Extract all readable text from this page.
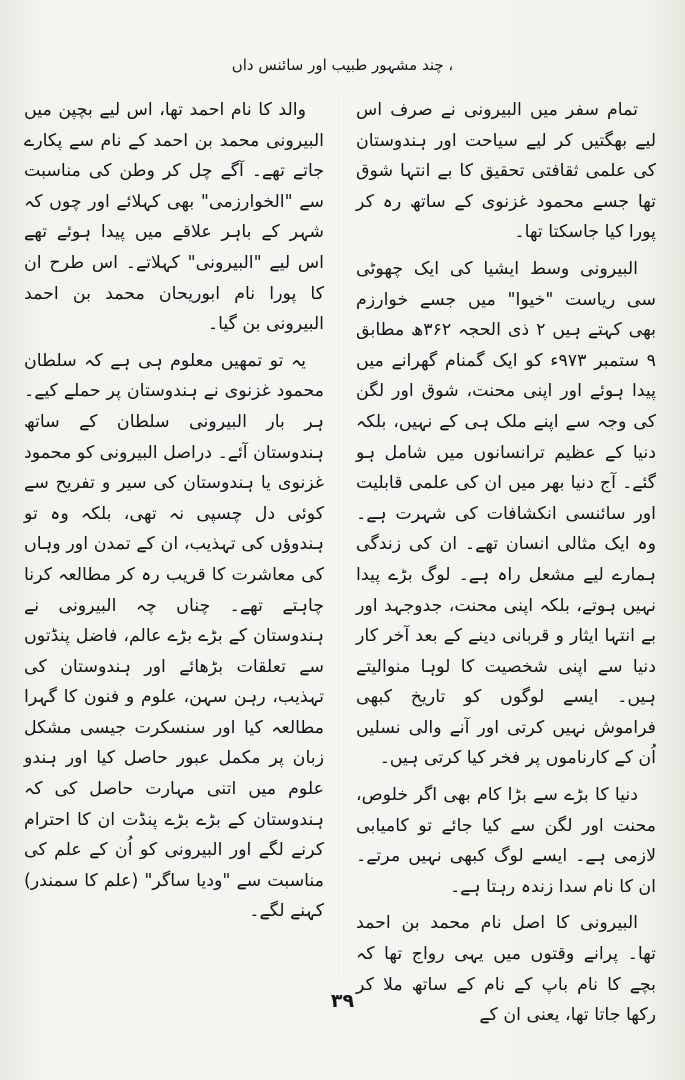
، چند مشہور طبیب اور سائنس داں

تمام سفر میں البیرونی نے صرف اس لیے بھگتیں کر لیے سیاحت اور ہندوستان کی علمی ثقافتی تحقیق کا بے انتہا شوق تھا جسے محمود غزنوی کے ساتھ رہ کر پورا کیا جاسکتا تھا۔

البیرونی وسط ایشیا کی ایک چھوٹی سی ریاست "خیوا" میں جسے خوارزم بھی کہتے ہیں ۲ ذی الحجہ ۳۶۲ھ مطابق ۹ ستمبر ۹۷۳ء کو ایک گمنام گھرانے میں پیدا ہوئے اور اپنی محنت، شوق اور لگن کی وجہ سے اپنے ملک ہی کے نہیں، بلکہ دنیا کے عظیم ترانسانوں میں شامل ہو گئے۔ آج دنیا بھر میں ان کی علمی قابلیت اور سائنسی انکشافات کی شہرت ہے۔ وہ ایک مثالی انسان تھے۔ ان کی زندگی ہمارے لیے مشعل راہ ہے۔ لوگ بڑے پیدا نہیں ہوتے، بلکہ اپنی محنت، جدوجہد اور بے انتہا ایثار و قربانی دینے کے بعد آخر کار دنیا سے اپنی شخصیت کا لوہا منوالیتے ہیں۔ ایسے لوگوں کو تاریخ کبھی فراموش نہیں کرتی اور آنے والی نسلیں اُن کے کارناموں پر فخر کیا کرتی ہیں۔

دنیا کا بڑے سے بڑا کام بھی اگر خلوص، محنت اور لگن سے کیا جائے تو کامیابی لازمی ہے۔ ایسے لوگ کبھی نہیں مرتے۔ ان کا نام سدا زندہ رہتا ہے۔

البیرونی کا اصل نام محمد بن احمد تھا۔ پرانے وقتوں میں یہی رواج تھا کہ بچے کا نام باپ کے نام کے ساتھ ملا کر رکھا جاتا تھا، یعنی ان کے

والد کا نام احمد تھا، اس لیے بچپن میں البیرونی محمد بن احمد کے نام سے پکارے جاتے تھے۔ آگے چل کر وطن کی مناسبت سے "الخوارزمی" بھی کہلائے اور چوں کہ شہر کے باہر علاقے میں پیدا ہوئے تھے اس لیے "البیرونی" کہلاتے۔ اس طرح ان کا پورا نام ابوریحان محمد بن احمد البیرونی بن گیا۔

یہ تو تمھیں معلوم ہی ہے کہ سلطان محمود غزنوی نے ہندوستان پر حملے کیے۔ ہر بار البیرونی سلطان کے ساتھ ہندوستان آئے۔ دراصل البیرونی کو محمود غزنوی یا ہندوستان کی سیر و تفریح سے کوئی دل چسپی نہ تھی، بلکہ وہ تو ہندوؤں کی تہذیب، ان کے تمدن اور وہاں کی معاشرت کا قریب رہ کر مطالعہ کرنا چاہتے تھے۔ چناں چہ البیرونی نے ہندوستان کے بڑے بڑے عالم، فاضل پنڈتوں سے تعلقات بڑھائے اور ہندوستان کی تہذیب، رہن سہن، علوم و فنون کا گہرا مطالعہ کیا اور سنسکرت جیسی مشکل زبان پر مکمل عبور حاصل کیا اور ہندو علوم میں اتنی مہارت حاصل کی کہ ہندوستان کے بڑے بڑے پنڈت ان کا احترام کرنے لگے اور البیرونی کو اُن کے علم کی مناسبت سے "ودیا ساگر" (علم کا سمندر) کہنے لگے۔

۳۹
